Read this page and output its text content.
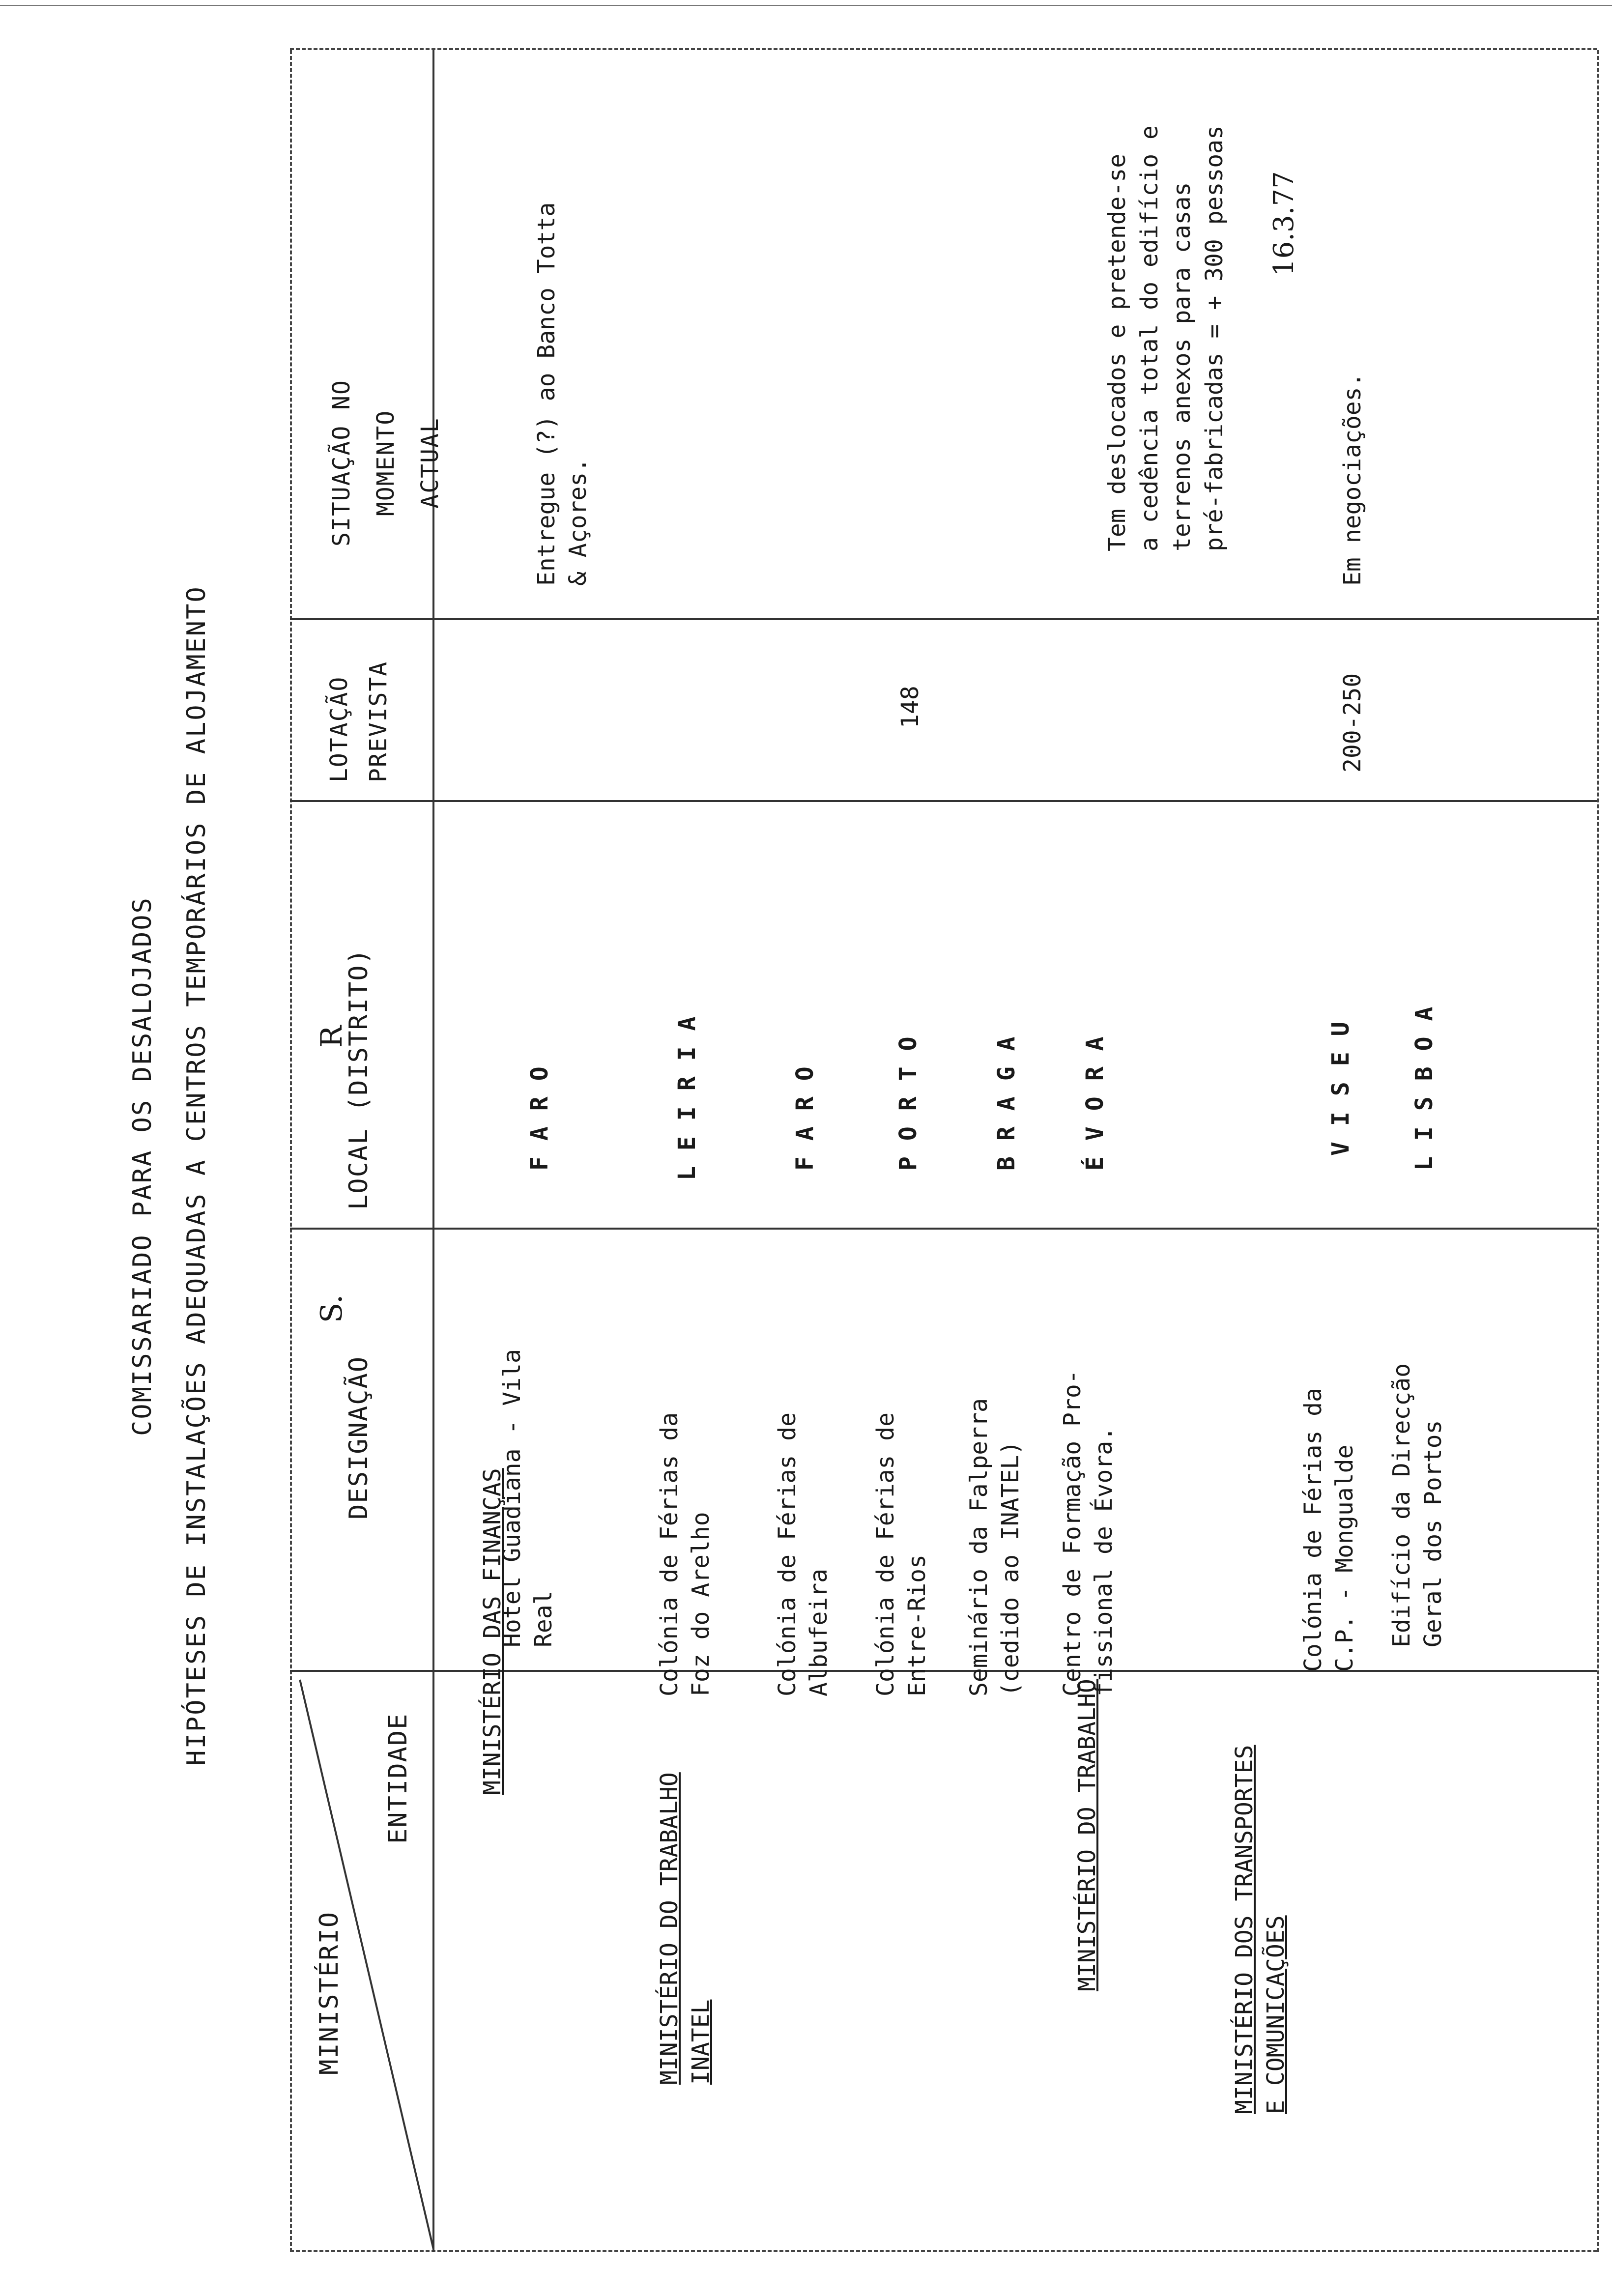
S.
R
COMISSARIADO PARA OS DESALOJADOS HIPÓTESES DE INSTALAÇÕES ADEQUADAS A CENTROS TEMPORÁRIOS DE ALOJAMENTO
16.3.77
MINISTÉRIO
ENTIDADE
DESIGNAÇÃO
LOCAL (DISTRITO)
LOTAÇÃO
PREVISTA
SITUAÇÃO NO MOMENTO
ACTUAL
MINISTÉRIO DAS FINANÇAS
MINISTÉRIO DO TRABALHO
INATEL
MINISTÉRIO DO TRABALHO
MINISTÉRIO DOS TRANSPORTES
E COMUNICAÇÕES
Hotel Guadiana - Vila
Real
FARO
Entregue (?) ao Banco Totta
& Açores.
Colónia de Férias da
Foz do Arelho
LEIRIA
Colónia de Férias de
Albufeira
FARO
Colónia de Férias de
Entre-Rios
PORTO
148
Seminário da Falperra
(cedido ao INATEL)
BRAGA
Centro de Formação Pro-
fissional de Évora.
ÉVORA
Tem deslocados e pretende-se
a cedência total do edifício e
terrenos anexos para casas
pré-fabricadas = + 300 pessoas
Colónia de Férias da
C.P. - Mongualde
VISEU
200-250
Em negociações.
Edifício da Direcção
Geral dos Portos
LISBOA
